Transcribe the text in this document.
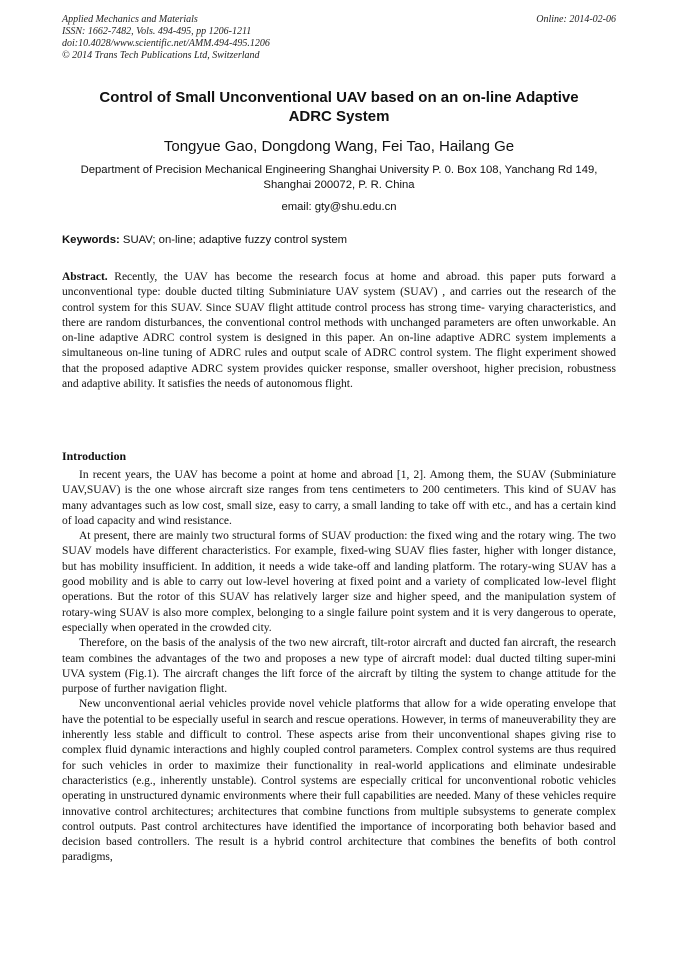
Applied Mechanics and Materials
ISSN: 1662-7482, Vols. 494-495, pp 1206-1211
doi:10.4028/www.scientific.net/AMM.494-495.1206
© 2014 Trans Tech Publications Ltd, Switzerland
Online: 2014-02-06
Control of Small Unconventional UAV based on an on-line Adaptive
ADRC System
Tongyue Gao, Dongdong Wang, Fei Tao, Hailang Ge
Department of Precision Mechanical Engineering Shanghai University P. 0. Box 108, Yanchang Rd 149, Shanghai 200072, P. R. China
email: gty@shu.edu.cn
Keywords: SUAV; on-line; adaptive fuzzy control system
Abstract. Recently, the UAV has become the research focus at home and abroad. this paper puts forward a unconventional type: double ducted tilting Subminiature UAV system (SUAV) , and carries out the research of the control system for this SUAV. Since SUAV flight attitude control process has strong time- varying characteristics, and there are random disturbances, the conventional control methods with unchanged parameters are often unworkable. An on-line adaptive ADRC control system is designed in this paper. An on-line adaptive ADRC system implements a simultaneous on-line tuning of ADRC rules and output scale of ADRC control system. The flight experiment showed that the proposed adaptive ADRC system provides quicker response, smaller overshoot, higher precision, robustness and adaptive ability. It satisfies the needs of autonomous flight.
Introduction

In recent years, the UAV has become a point at home and abroad [1, 2]. Among them, the SUAV (Subminiature UAV,SUAV) is the one whose aircraft size ranges from tens centimeters to 200 centimeters. This kind of SUAV has many advantages such as low cost, small size, easy to carry, a small landing to take off with etc., and has a certain kind of load capacity and wind resistance.

At present, there are mainly two structural forms of SUAV production: the fixed wing and the rotary wing. The two SUAV models have different characteristics. For example, fixed-wing SUAV flies faster, higher with longer distance, but has mobility insufficient. In addition, it needs a wide take-off and landing platform. The rotary-wing SUAV has a good mobility and is able to carry out low-level hovering at fixed point and a variety of complicated low-level flight operations. But the rotor of this SUAV has relatively larger size and higher speed, and the manipulation system of rotary-wing SUAV is also more complex, belonging to a single failure point system and it is very dangerous to operate, especially when operated in the crowded city.

Therefore, on the basis of the analysis of the two new aircraft, tilt-rotor aircraft and ducted fan aircraft, the research team combines the advantages of the two and proposes a new type of aircraft model: dual ducted tilting super-mini UVA system (Fig.1). The aircraft changes the lift force of the aircraft by tilting the system to change attitude for the purpose of further navigation flight.

New unconventional aerial vehicles provide novel vehicle platforms that allow for a wide operating envelope that have the potential to be especially useful in search and rescue operations. However, in terms of maneuverability they are inherently less stable and difficult to control. These aspects arise from their unconventional shapes giving rise to complex fluid dynamic interactions and highly coupled control parameters. Complex control systems are thus required for such vehicles in order to maximize their functionality in real-world applications and eliminate undesirable characteristics (e.g., inherently unstable). Control systems are especially critical for unconventional robotic vehicles operating in unstructured dynamic environments where their full capabilities are needed. Many of these vehicles require innovative control architectures; architectures that combine functions from multiple subsystems to generate complex control outputs. Past control architectures have identified the importance of incorporating both behavior based and decision based controllers. The result is a hybrid control architecture that combines the benefits of both control paradigms,
